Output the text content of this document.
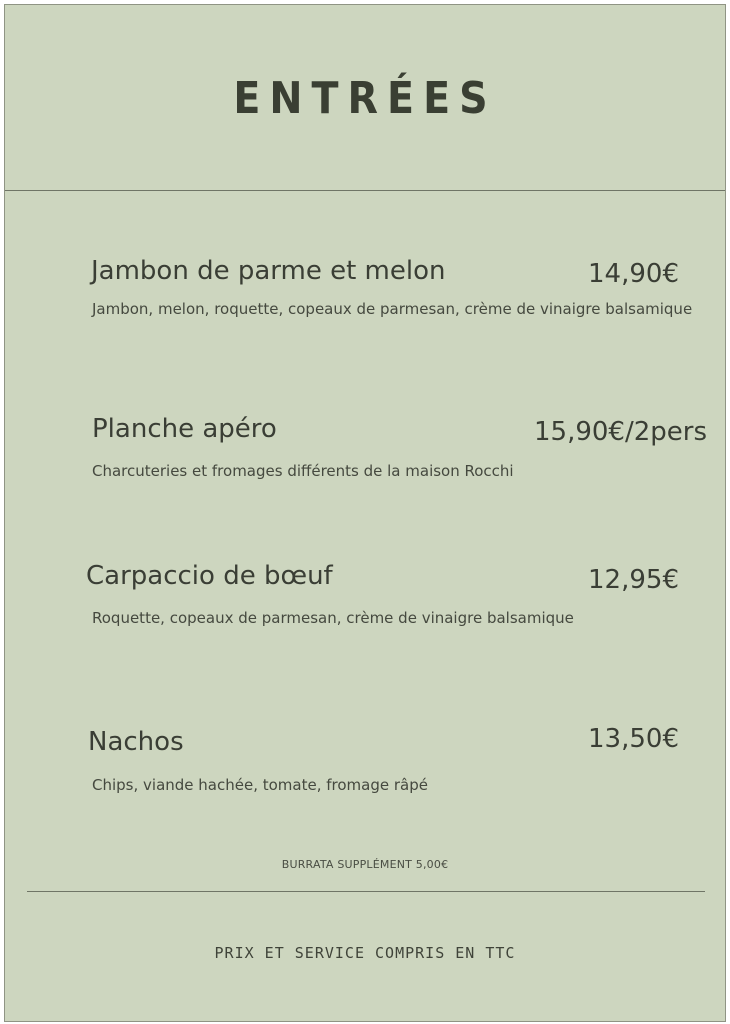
ENTRÉES
Jambon de parme et melon	14,90€
Jambon, melon, roquette, copeaux de parmesan, crème de vinaigre balsamique
Planche apéro	15,90€/2pers
Charcuteries et fromages différents de la maison Rocchi
Carpaccio de bœuf	12,95€
Roquette, copeaux de parmesan, crème de vinaigre balsamique
Nachos	13,50€
Chips, viande hachée, tomate, fromage râpé
BURRATA SUPPLÉMENT 5,00€
PRIX ET SERVICE COMPRIS EN TTC
